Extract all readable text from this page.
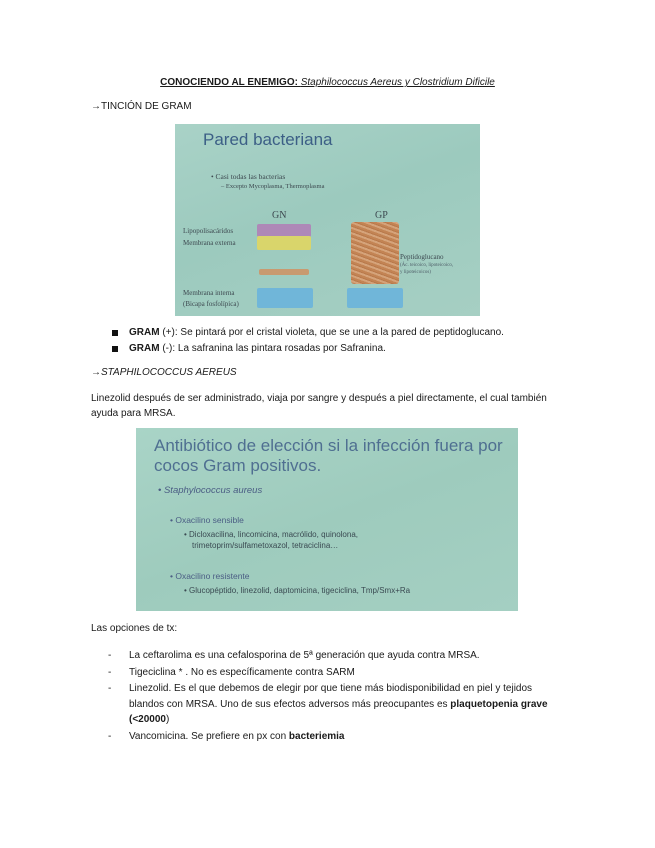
CONOCIENDO AL ENEMIGO: Staphilococcus Aereus y Clostridium Dificile
→TINCIÓN DE GRAM
Pared bacteriana
• Casi todas las bacterias
– Excepto Mycoplasma, Thermoplasma
GN	GP
Lipopolisacáridos
Membrana externa
Membrana interna
(Bicapa fosfolípica)
Peptidoglucano
(Ác. teicoico, lipoteicoico,
y lipoteicoicos)
GRAM (+): Se pintará por el cristal violeta, que se une a la pared de peptidoglucano.
GRAM (-): La safranina las pintara rosadas por Safranina.
→STAPHILOCOCCUS AEREUS
Linezolid después de ser administrado, viaja por sangre y después a piel directamente, el cual también ayuda para MRSA.
Antibiótico de elección si la infección fuera por cocos Gram positivos.
• Staphylococcus aureus
• Oxacilino sensible
• Dicloxacilina, lincomicina, macrólido, quinolona,
trimetoprim/sulfametoxazol, tetraciclina…
• Oxacilino resistente
• Glucopéptido, linezolid, daptomicina, tigeciclina, Tmp/Smx+Ra
Las opciones de tx:
- La ceftarolima es una cefalosporina de 5ª generación que ayuda contra MRSA.
- Tigeciclina * . No es específicamente contra SARM
- Linezolid. Es el que debemos de elegir por que tiene más biodisponibilidad en piel y tejidos blandos con MRSA. Uno de sus efectos adversos más preocupantes es plaquetopenia grave (<20000)
- Vancomicina. Se prefiere en px con bacteriemia
